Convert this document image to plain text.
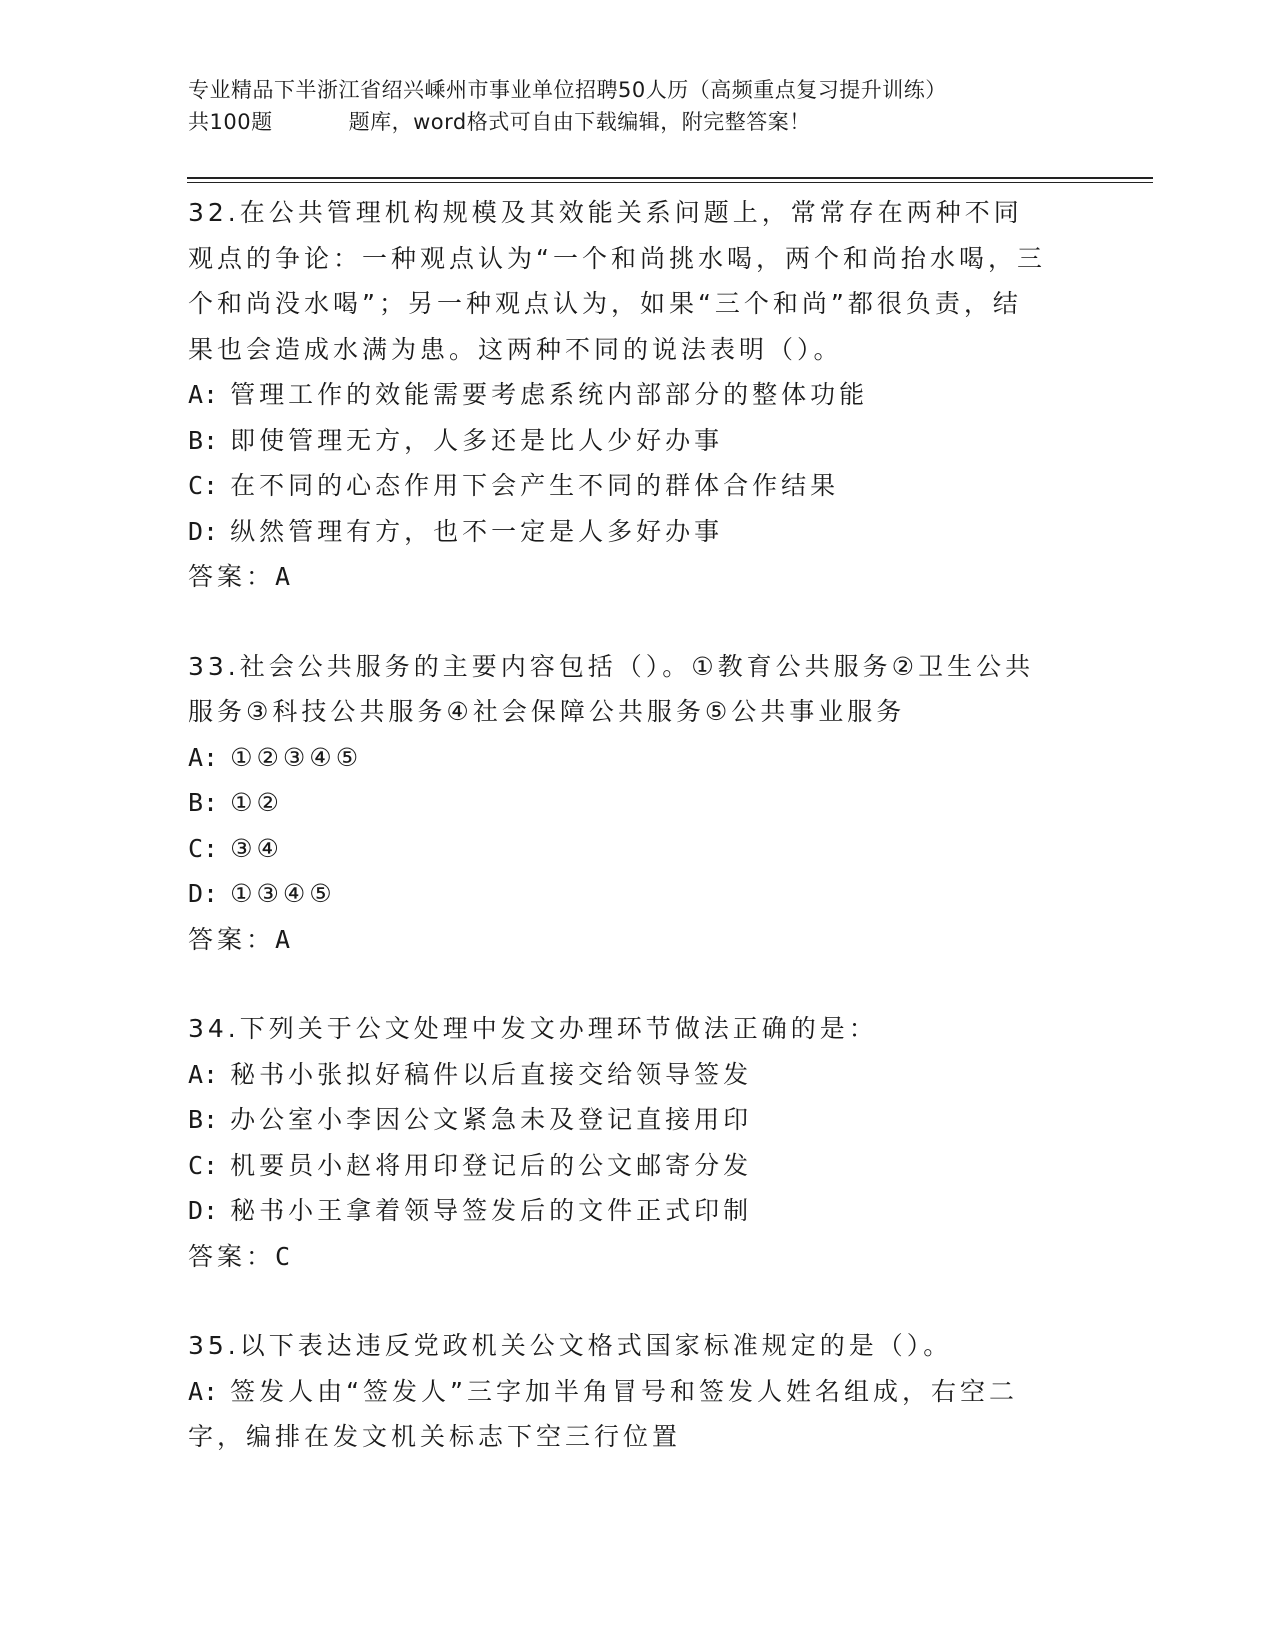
专业精品下半浙江省绍兴嵊州市事业单位招聘50人历（高频重点复习提升训练）
共100题	题库，word格式可自由下载编辑，附完整答案！

32.在公共管理机构规模及其效能关系问题上，常常存在两种不同观点的争论：一种观点认为“一个和尚挑水喝，两个和尚抬水喝，三个和尚没水喝”；另一种观点认为，如果“三个和尚”都很负责，结果也会造成水满为患。这两种不同的说法表明（）。

A: 管理工作的效能需要考虑系统内部部分的整体功能

B: 即使管理无方，人多还是比人少好办事

C: 在不同的心态作用下会产生不同的群体合作结果

D: 纵然管理有方，也不一定是人多好办事

答案：A

33.社会公共服务的主要内容包括（）。①教育公共服务②卫生公共服务③科技公共服务④社会保障公共服务⑤公共事业服务

A: ①②③④⑤

B: ①②

C: ③④

D: ①③④⑤

答案：A

34.下列关于公文处理中发文办理环节做法正确的是：

A: 秘书小张拟好稿件以后直接交给领导签发

B: 办公室小李因公文紧急未及登记直接用印

C: 机要员小赵将用印登记后的公文邮寄分发

D: 秘书小王拿着领导签发后的文件正式印制

答案：C

35.以下表达违反党政机关公文格式国家标准规定的是（）。

A: 签发人由“签发人”三字加半角冒号和签发人姓名组成，右空二字，编排在发文机关标志下空三行位置
